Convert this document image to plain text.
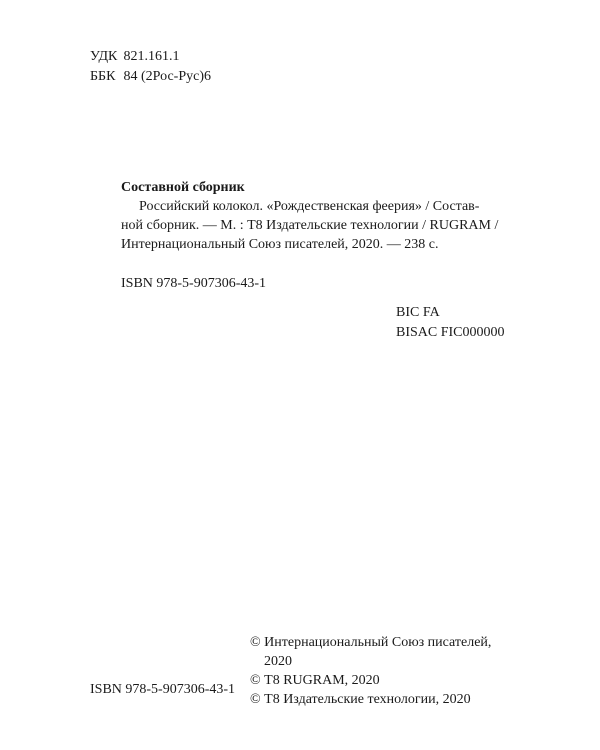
УДК 821.161.1
ББК 84 (2Рос-Рус)6
Составной сборник
Российский колокол. «Рождественская феерия» / Состав-
ной сборник. — М. : Т8 Издательские технологии / RUGRAM /
Интернациональный Союз писателей, 2020. — 238 с.
ISBN 978-5-907306-43-1
BIC FA
BISAC FIC000000
© Интернациональный Союз писателей,
2020
© Т8 RUGRAM, 2020
© Т8 Издательские технологии, 2020
ISBN 978-5-907306-43-1
